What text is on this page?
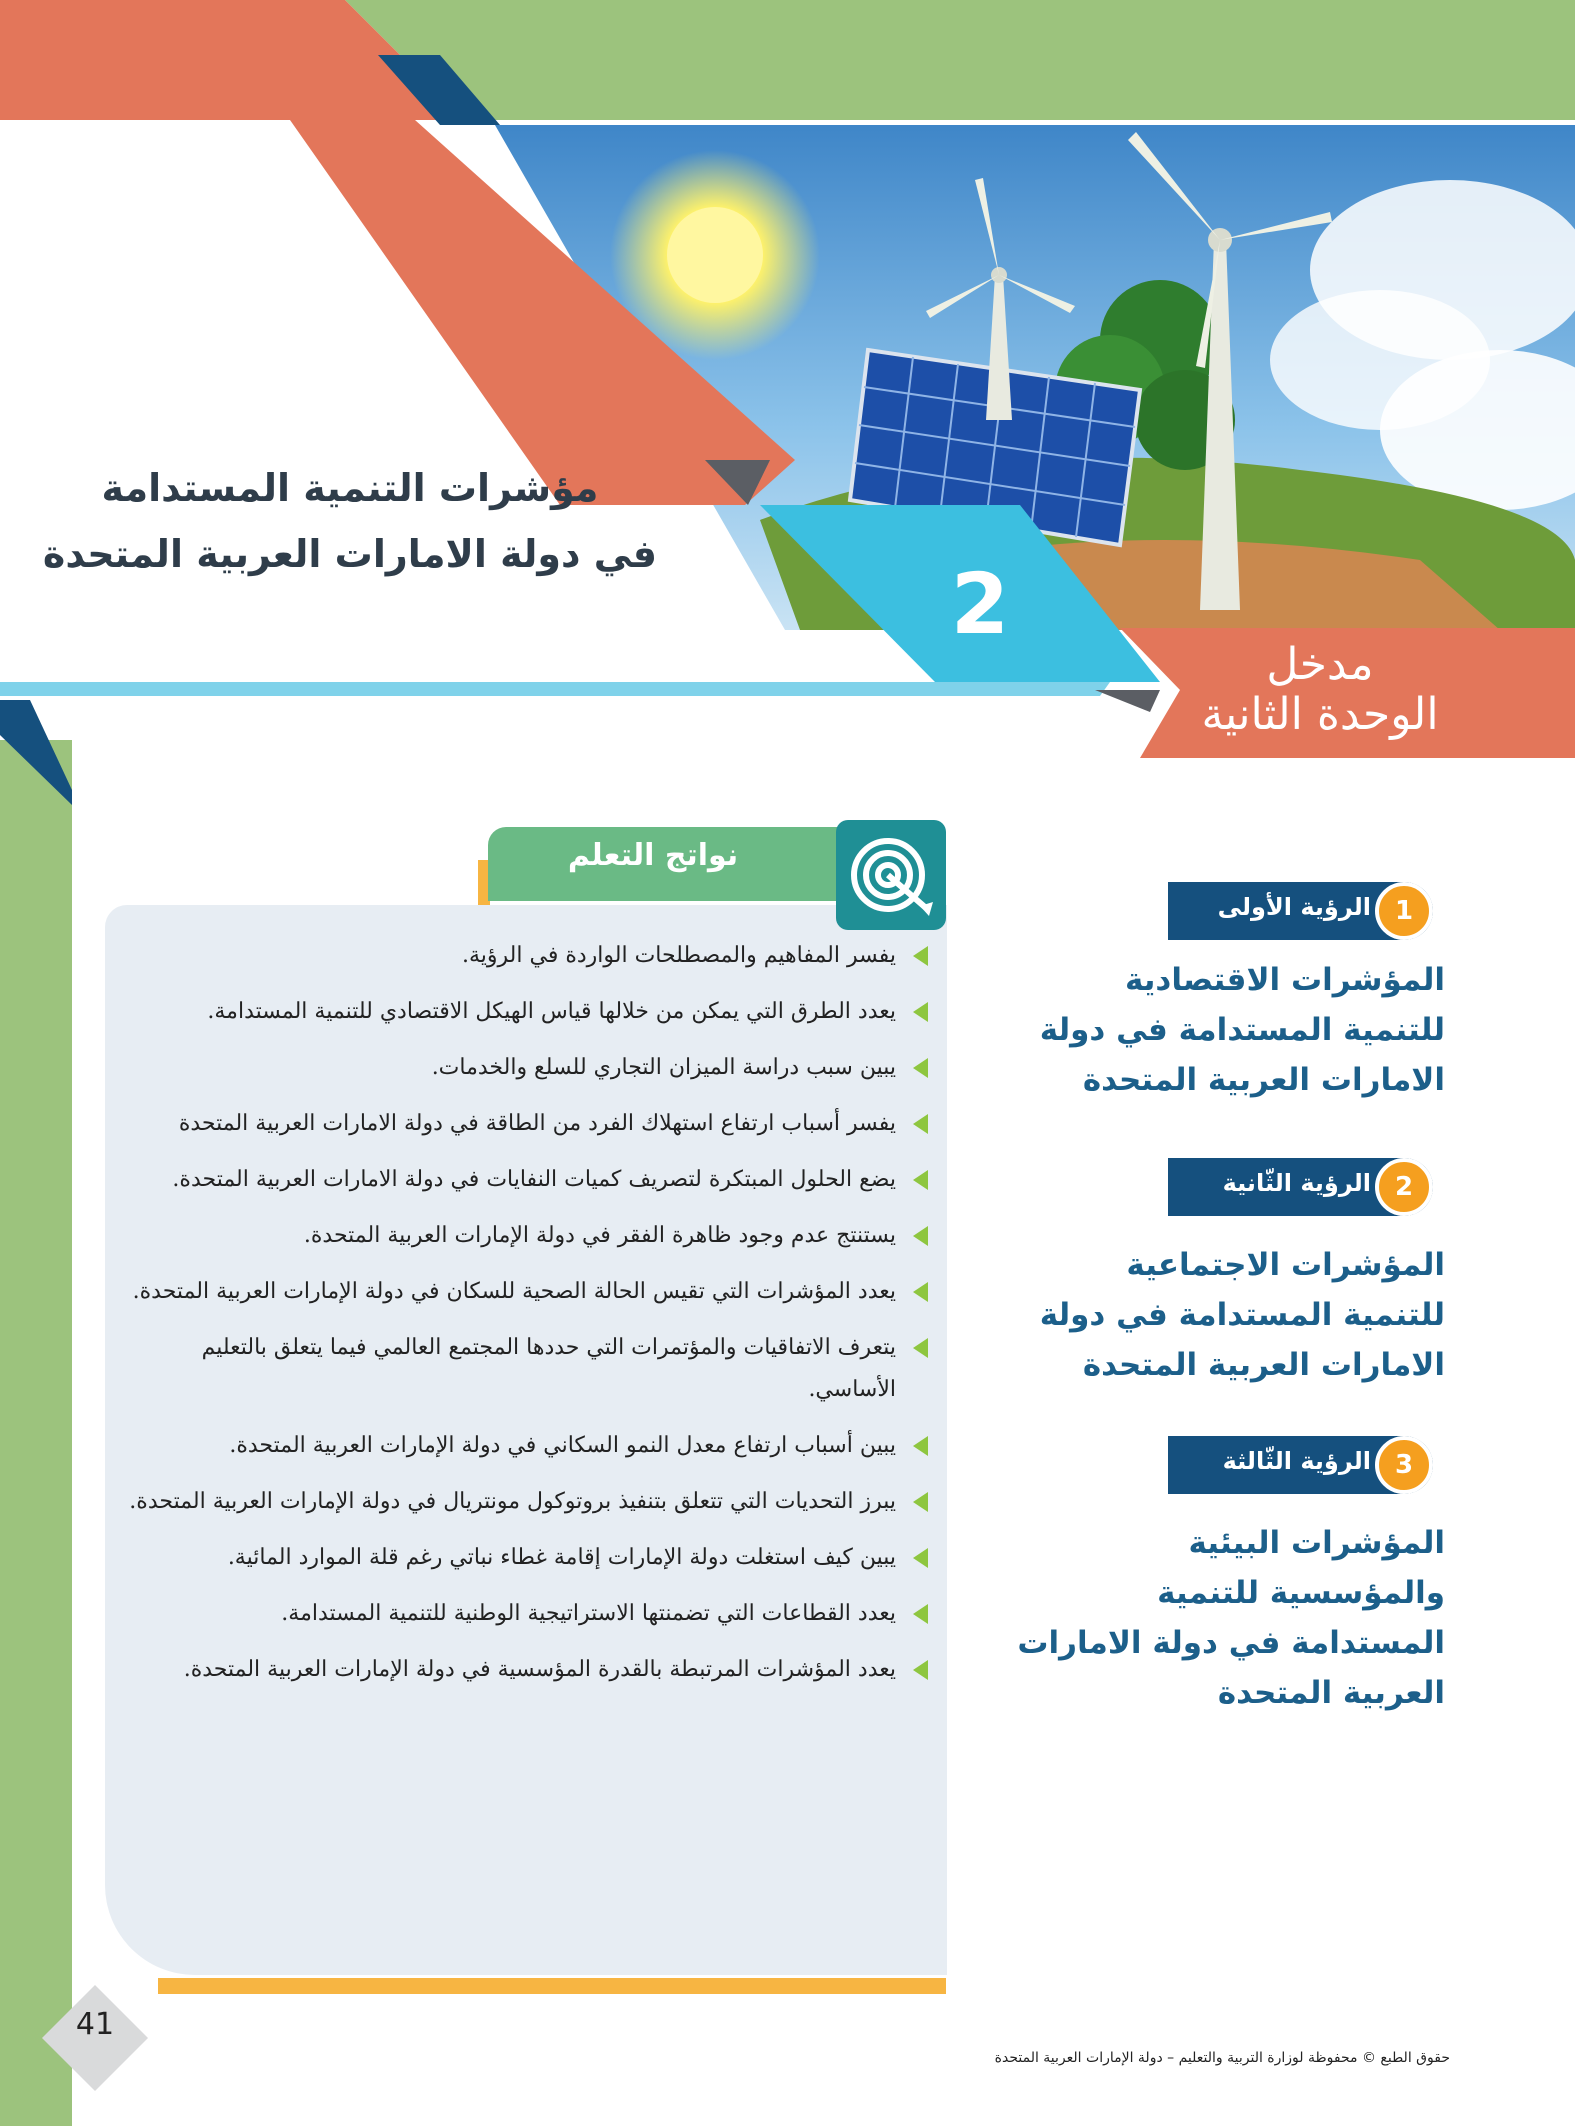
مؤشرات التنمية المستدامة
في دولة الامارات العربية المتحدة
2
مدخل
الوحدة الثانية
نواتج التعلم
يفسر المفاهيم والمصطلحات الواردة في الرؤية.
يعدد الطرق التي يمكن من خلالها قياس الهيكل الاقتصادي للتنمية المستدامة.
يبين سبب دراسة الميزان التجاري للسلع والخدمات.
يفسر أسباب ارتفاع استهلاك الفرد من الطاقة في دولة الامارات العربية المتحدة
يضع الحلول المبتكرة لتصريف كميات النفايات في دولة الامارات العربية المتحدة.
يستنتج عدم وجود ظاهرة الفقر في دولة الإمارات العربية المتحدة.
يعدد المؤشرات التي تقيس الحالة الصحية للسكان في دولة الإمارات العربية المتحدة.
يتعرف الاتفاقيات والمؤتمرات التي حددها المجتمع العالمي فيما يتعلق بالتعليم الأساسي.
يبين أسباب ارتفاع معدل النمو السكاني في دولة الإمارات العربية المتحدة.
يبرز التحديات التي تتعلق بتنفيذ بروتوكول مونتريال في دولة الإمارات العربية المتحدة.
يبين كيف استغلت دولة الإمارات إقامة غطاء نباتي رغم قلة الموارد المائية.
يعدد القطاعات التي تضمنتها الاستراتيجية الوطنية للتنمية المستدامة.
يعدد المؤشرات المرتبطة بالقدرة المؤسسية في دولة الإمارات العربية المتحدة.
الرؤية الأولى 1
المؤشرات الاقتصادية للتنمية المستدامة في دولة الامارات العربية المتحدة
الرؤية الثّانية 2
المؤشرات الاجتماعية للتنمية المستدامة في دولة الامارات العربية المتحدة
الرؤية الثّالثة 3
المؤشرات البيئية والمؤسسية للتنمية المستدامة في دولة الامارات العربية المتحدة
41
حقوق الطبع © محفوظة لوزارة التربية والتعليم – دولة الإمارات العربية المتحدة
